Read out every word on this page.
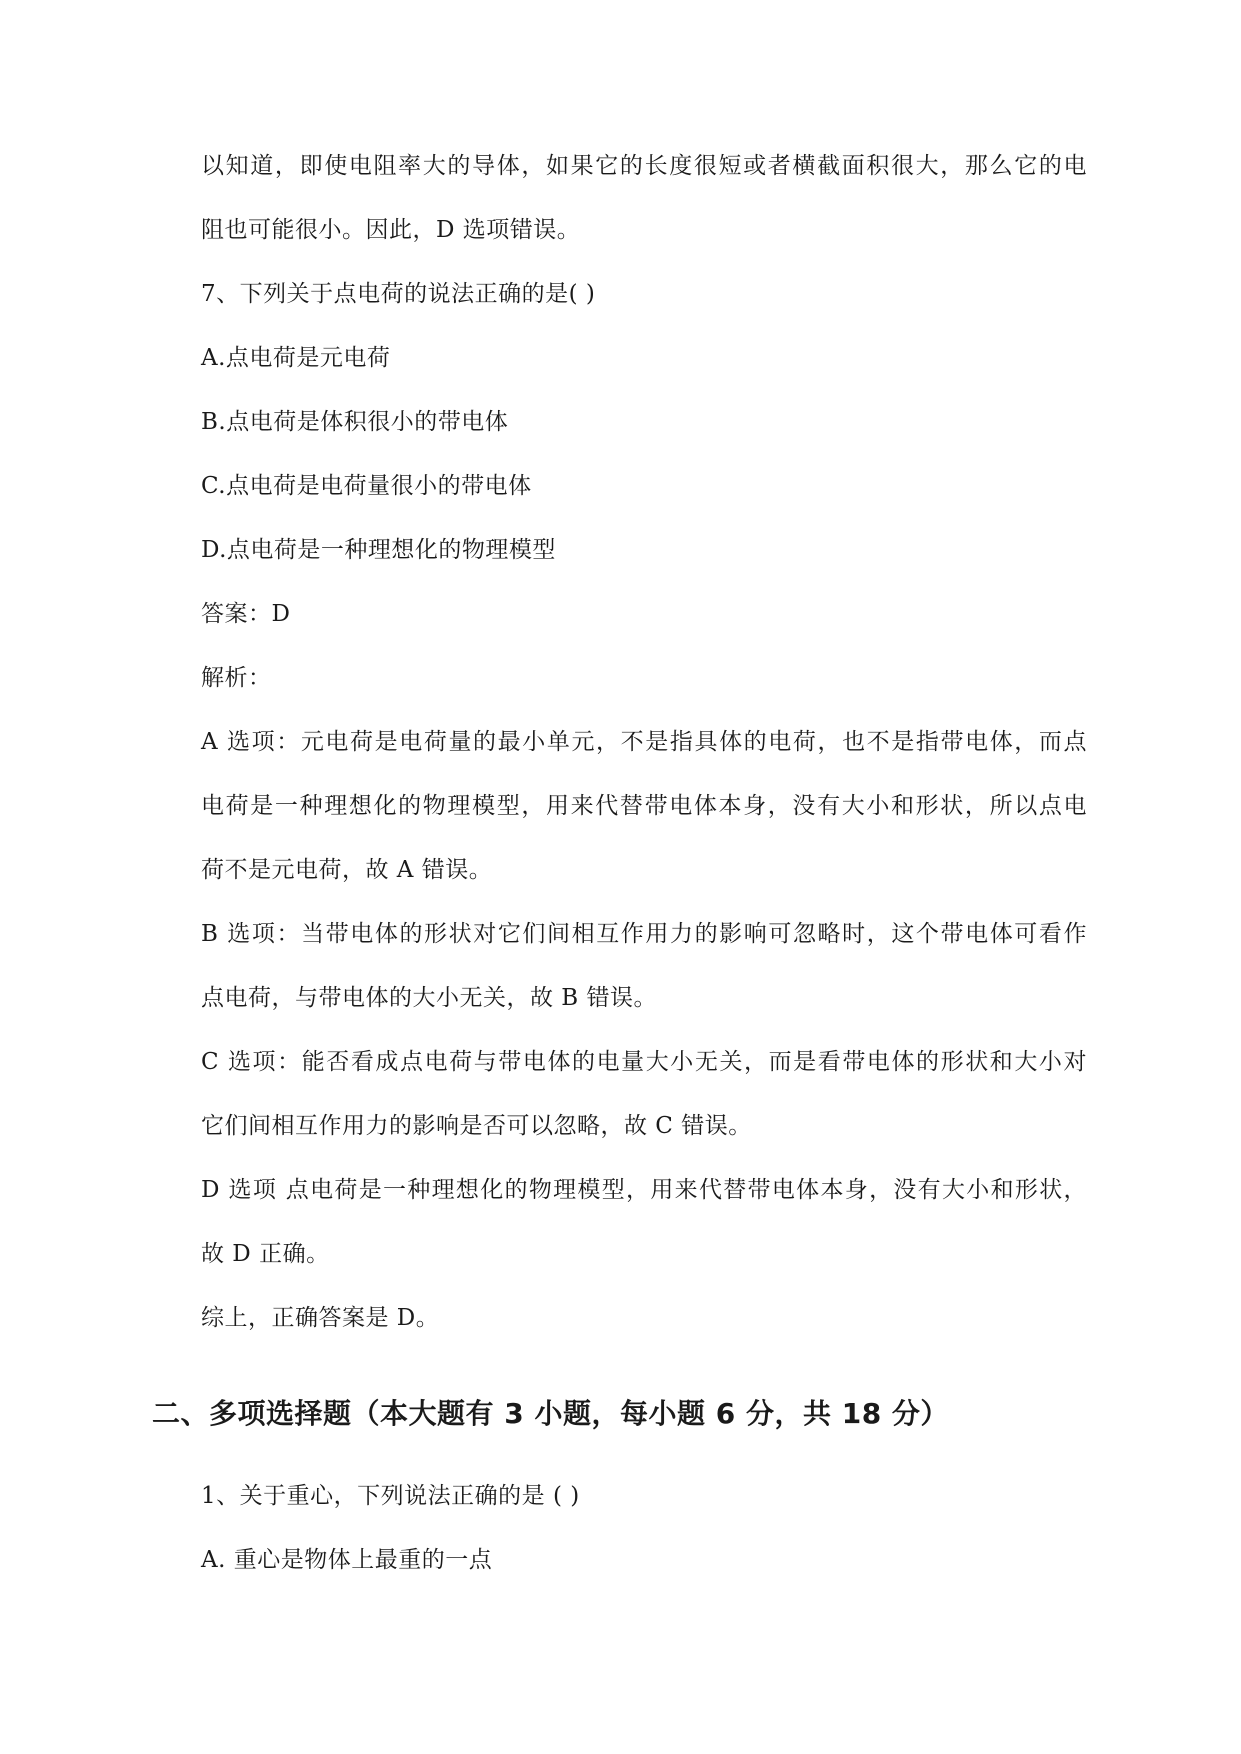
以知道，即使电阻率大的导体，如果它的长度很短或者横截面积很大，那么它的电
阻也可能很小。因此，D 选项错误。
7、下列关于点电荷的说法正确的是( )
A.点电荷是元电荷
B.点电荷是体积很小的带电体
C.点电荷是电荷量很小的带电体
D.点电荷是一种理想化的物理模型
答案：D
解析：
A 选项：元电荷是电荷量的最小单元，不是指具体的电荷，也不是指带电体，而点
电荷是一种理想化的物理模型，用来代替带电体本身，没有大小和形状，所以点电
荷不是元电荷，故 A 错误。
B 选项：当带电体的形状对它们间相互作用力的影响可忽略时，这个带电体可看作
点电荷，与带电体的大小无关，故 B 错误。
C 选项：能否看成点电荷与带电体的电量大小无关，而是看带电体的形状和大小对
它们间相互作用力的影响是否可以忽略，故 C 错误。
D 选项 点电荷是一种理想化的物理模型，用来代替带电体本身，没有大小和形状，
故 D 正确。
综上，正确答案是 D。
二、多项选择题（本大题有 3 小题，每小题 6 分，共 18 分）
1、关于重心，下列说法正确的是 ( )
A. 重心是物体上最重的一点
